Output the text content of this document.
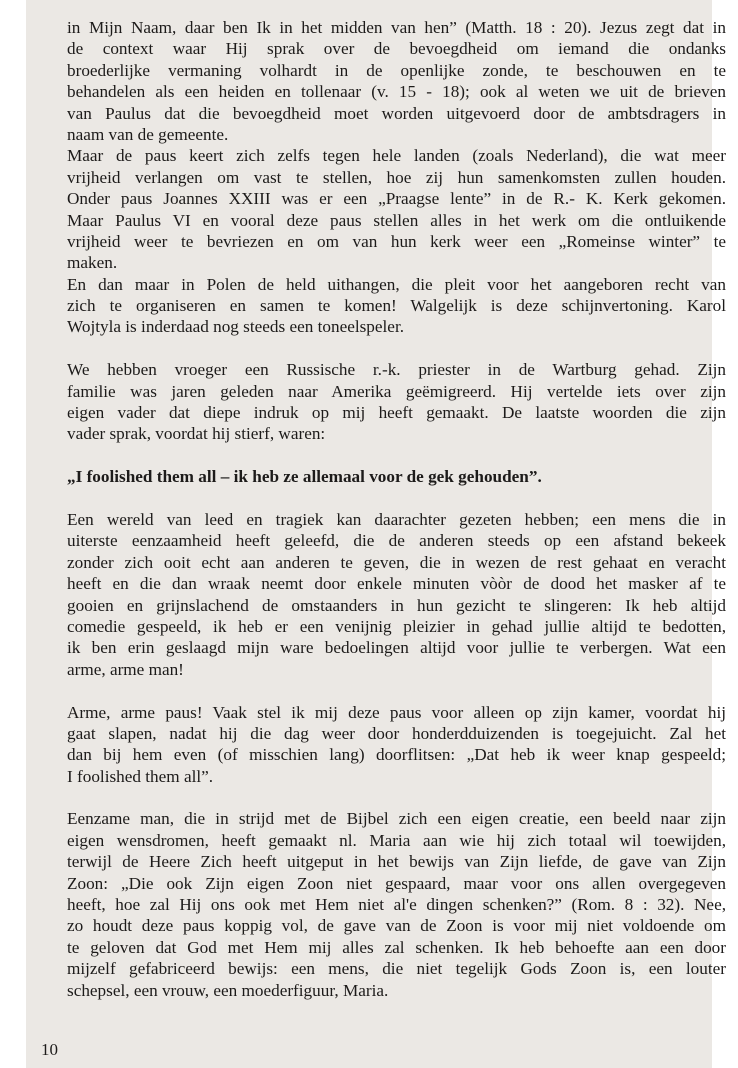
in Mijn Naam, daar ben Ik in het midden van hen” (Matth. 18 : 20). Jezus zegt dat in
de context waar Hij sprak over de bevoegdheid om iemand die ondanks
broederlijke vermaning volhardt in de openlijke zonde, te beschouwen en te
behandelen als een heiden en tollenaar (v. 15 - 18); ook al weten we uit de brieven
van Paulus dat die bevoegdheid moet worden uitgevoerd door de ambtsdragers in
naam van de gemeente.
Maar de paus keert zich zelfs tegen hele landen (zoals Nederland), die wat meer
vrijheid verlangen om vast te stellen, hoe zij hun samenkomsten zullen houden.
Onder paus Joannes XXIII was er een „Praagse lente” in de R.- K. Kerk gekomen.
Maar Paulus VI en vooral deze paus stellen alles in het werk om die ontluikende
vrijheid weer te bevriezen en om van hun kerk weer een „Romeinse winter” te
maken.
En dan maar in Polen de held uithangen, die pleit voor het aangeboren recht van
zich te organiseren en samen te komen! Walgelijk is deze schijnvertoning. Karol
Wojtyla is inderdaad nog steeds een toneelspeler.
We hebben vroeger een Russische r.-k. priester in de Wartburg gehad. Zijn
familie was jaren geleden naar Amerika geëmigreerd. Hij vertelde iets over zijn
eigen vader dat diepe indruk op mij heeft gemaakt. De laatste woorden die zijn
vader sprak, voordat hij stierf, waren:
„I foolished them all – ik heb ze allemaal voor de gek gehouden”.
Een wereld van leed en tragiek kan daarachter gezeten hebben; een mens die in
uiterste eenzaamheid heeft geleefd, die de anderen steeds op een afstand bekeek
zonder zich ooit echt aan anderen te geven, die in wezen de rest gehaat en veracht
heeft en die dan wraak neemt door enkele minuten vòòr de dood het masker af te
gooien en grijnslachend de omstaanders in hun gezicht te slingeren: Ik heb altijd
comedie gespeeld, ik heb er een venijnig pleizier in gehad jullie altijd te bedotten,
ik ben erin geslaagd mijn ware bedoelingen altijd voor jullie te verbergen. Wat een
arme, arme man!
Arme, arme paus! Vaak stel ik mij deze paus voor alleen op zijn kamer, voordat hij
gaat slapen, nadat hij die dag weer door honderdduizenden is toegejuicht. Zal het
dan bij hem even (of misschien lang) doorflitsen: „Dat heb ik weer knap gespeeld;
I foolished them all”.
Eenzame man, die in strijd met de Bijbel zich een eigen creatie, een beeld naar zijn
eigen wensdromen, heeft gemaakt nl. Maria aan wie hij zich totaal wil toewijden,
terwijl de Heere Zich heeft uitgeput in het bewijs van Zijn liefde, de gave van Zijn
Zoon: „Die ook Zijn eigen Zoon niet gespaard, maar voor ons allen overgegeven
heeft, hoe zal Hij ons ook met Hem niet al'e dingen schenken?” (Rom. 8 : 32). Nee,
zo houdt deze paus koppig vol, de gave van de Zoon is voor mij niet voldoende om
te geloven dat God met Hem mij alles zal schenken. Ik heb behoefte aan een door
mijzelf gefabriceerd bewijs: een mens, die niet tegelijk Gods Zoon is, een louter
schepsel, een vrouw, een moederfiguur, Maria.
10
